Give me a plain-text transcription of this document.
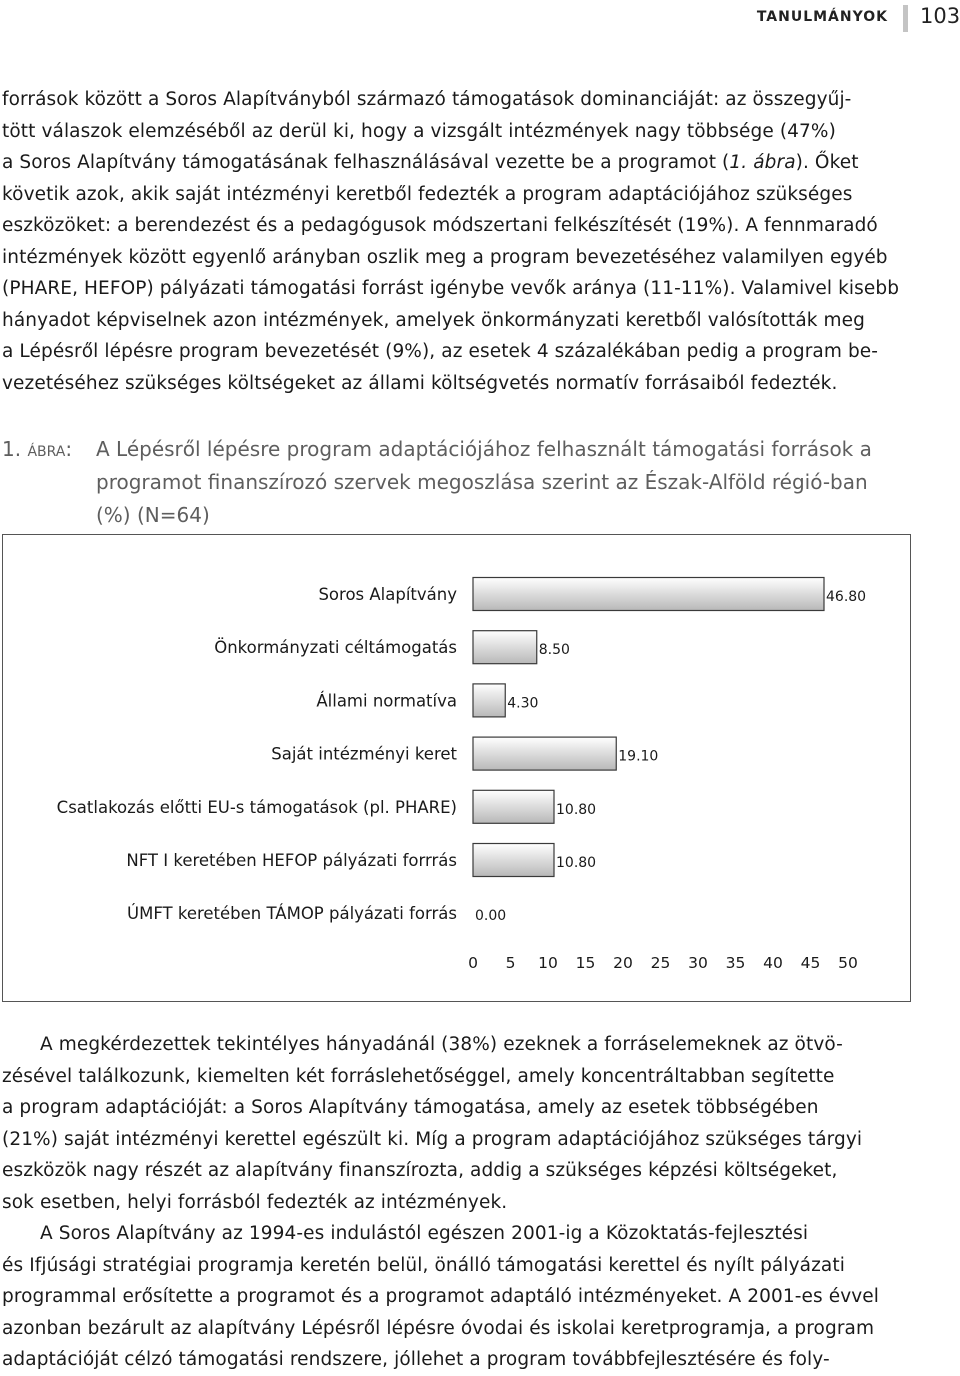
TANULMÁNYOK 103

források között a Soros Alapítványból származó támogatások dominanciáját: az összegyűj-

tött válaszok elemzéséből az derül ki, hogy a vizsgált intézmények nagy többsége (47%)

a Soros Alapítvány támogatásának felhasználásával vezette be a programot (1. ábra). Őket

követik azok, akik saját intézményi keretből fedezték a program adaptációjához szükséges

eszközöket: a berendezést és a pedagógusok módszertani felkészítését (19%). A fennmaradó

intézmények között egyenlő arányban oszlik meg a program bevezetéséhez valamilyen egyéb

(PHARE, HEFOP) pályázati támogatási forrást igénybe vevők aránya (11-11%). Valamivel kisebb

hányadot képviselnek azon intézmények, amelyek önkormányzati keretből valósították meg

a Lépésről lépésre program bevezetését (9%), az esetek 4 százalékában pedig a program be-

vezetéséhez szükséges költségeket az állami költségvetés normatív forrásaiból fedezték.

1. ábra:	A Lépésről lépésre program adaptációjához felhasznált támogatási források a programot finanszírozó szervek megoszlása szerint az Észak-Alföld régió-ban (%) (N=64)
Soros Alapítvány	46.80
Önkormányzati céltámogatás	8.50
Állami normatíva	4.30
Saját intézményi keret	19.10
Csatlakozás előtti EU-s támogatások (pl. PHARE)	10.80
NFT I keretében HEFOP pályázati forrrás	10.80
ÚMFT keretében TÁMOP pályázati forrás 0.00
0 5 10 15 20 25 30 35 40 45 50

A megkérdezettek tekintélyes hányadánál (38%) ezeknek a forráselemeknek az ötvö-

zésével találkozunk, kiemelten két forráslehetőséggel, amely koncentráltabban segítette

a program adaptációját: a Soros Alapítvány támogatása, amely az esetek többségében

(21%) saját intézményi kerettel egészült ki. Míg a program adaptációjához szükséges tárgyi

eszközök nagy részét az alapítvány finanszírozta, addig a szükséges képzési költségeket,

sok esetben, helyi forrásból fedezték az intézmények.

A Soros Alapítvány az 1994-es indulástól egészen 2001-ig a Közoktatás-fejlesztési

és Ifjúsági stratégiai programja keretén belül, önálló támogatási kerettel és nyílt pályázati

programmal erősítette a programot és a programot adaptáló intézményeket. A 2001-es évvel

azonban bezárult az alapítvány Lépésről lépésre óvodai és iskolai keretprogramja, a program

adaptációját célzó támogatási rendszere, jóllehet a program továbbfejlesztésére és foly-
